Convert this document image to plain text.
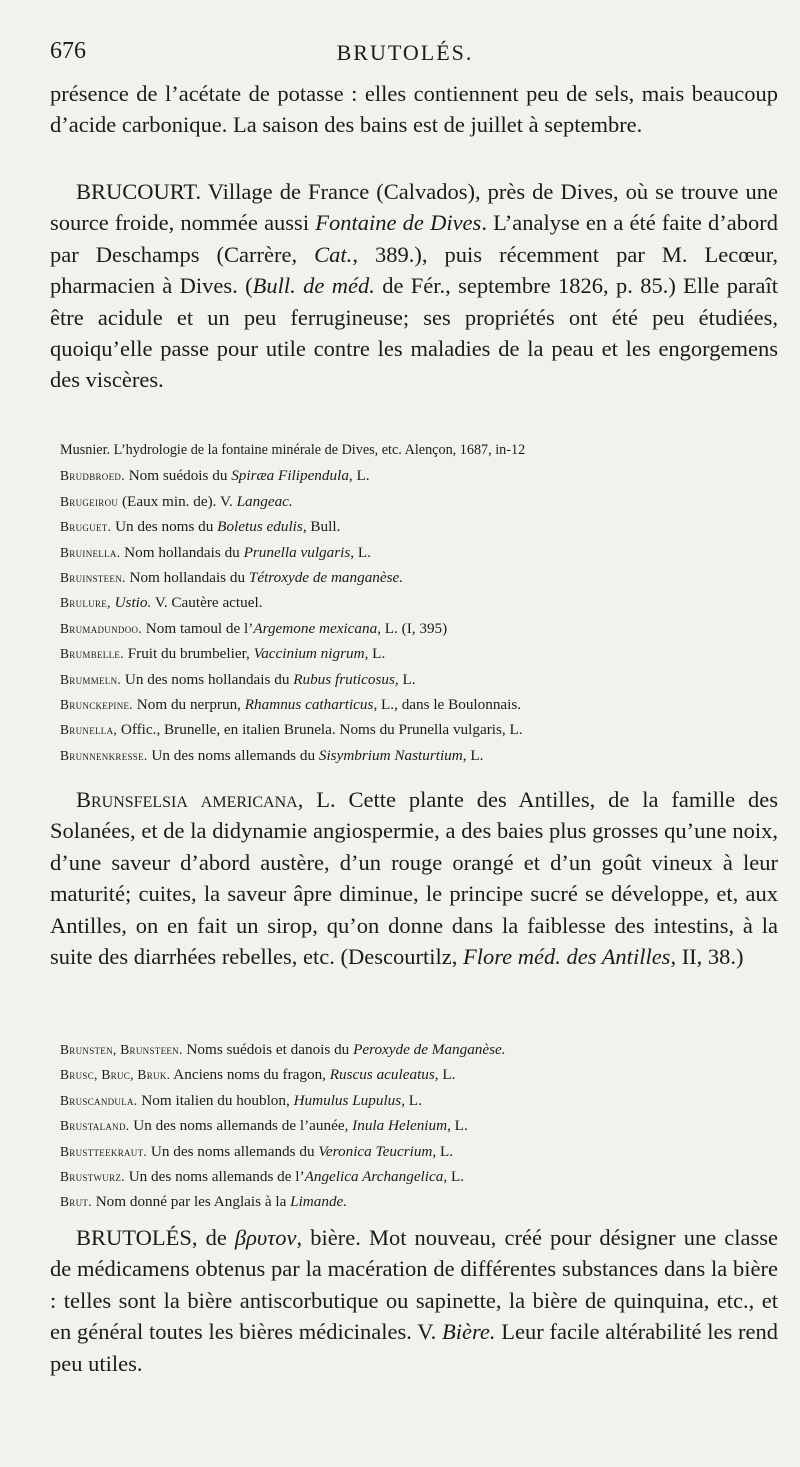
676	BRUTOLÉS.

présence de l’acétate de potasse : elles contiennent peu de sels, mais beaucoup d’acide carbonique. La saison des bains est de juillet à septembre.

BRUCOURT. Village de France (Calvados), près de Dives, où se trouve une source froide, nommée aussi Fontaine de Dives. L’analyse en a été faite d’abord par Deschamps (Carrère, Cat., 389.), puis récemment par M. Lecœur, pharmacien à Dives. (Bull. de méd. de Fér., septembre 1826, p. 85.) Elle paraît être acidule et un peu ferrugineuse; ses propriétés ont été peu étudiées, quoiqu’elle passe pour utile contre les maladies de la peau et les engorgemens des viscères.

Musnier. L’hydrologie de la fontaine minérale de Dives, etc. Alençon, 1687, in-12

Brudbroed. Nom suédois du Spiræa Filipendula, L.

Brugeirou (Eaux min. de). V. Langeac.

Bruguet. Un des noms du Boletus edulis, Bull.

Bruinella. Nom hollandais du Prunella vulgaris, L.

Bruinsteen. Nom hollandais du Tétroxyde de manganèse.

Brulure, Ustio. V. Cautère actuel.

Brumadundoo. Nom tamoul de l’Argemone mexicana, L. (I, 395)

Brumbelle. Fruit du brumbelier, Vaccinium nigrum, L.

Brummeln. Un des noms hollandais du Rubus fruticosus, L.

Brunckepine. Nom du nerprun, Rhamnus catharticus, L., dans le Boulonnais.

Brunella, Offic., Brunelle, en italien Brunela. Noms du Prunella vulgaris, L.

Brunnenkresse. Un des noms allemands du Sisymbrium Nasturtium, L.

Brunsfelsia americana, L. Cette plante des Antilles, de la famille des Solanées, et de la didynamie angiospermie, a des baies plus grosses qu’une noix, d’une saveur d’abord austère, d’un rouge orangé et d’un goût vineux à leur maturité; cuites, la saveur âpre diminue, le principe sucré se développe, et, aux Antilles, on en fait un sirop, qu’on donne dans la faiblesse des intestins, à la suite des diarrhées rebelles, etc. (Descourtilz, Flore méd. des Antilles, II, 38.)

Brunsten, Brunsteen. Noms suédois et danois du Peroxyde de Manganèse.

Brusc, Bruc, Bruk. Anciens noms du fragon, Ruscus aculeatus, L.

Bruscandula. Nom italien du houblon, Humulus Lupulus, L.

Brustaland. Un des noms allemands de l’aunée, Inula Helenium, L.

Brustteekraut. Un des noms allemands du Veronica Teucrium, L.

Brustwurz. Un des noms allemands de l’Angelica Archangelica, L.

Brut. Nom donné par les Anglais à la Limande.

BRUTOLÉS, de βρυτον, bière. Mot nouveau, créé pour désigner une classe de médicamens obtenus par la macération de différentes substances dans la bière : telles sont la bière antiscorbutique ou sapinette, la bière de quinquina, etc., et en général toutes les bières médicinales. V. Bière. Leur facile altérabilité les rend peu utiles.
